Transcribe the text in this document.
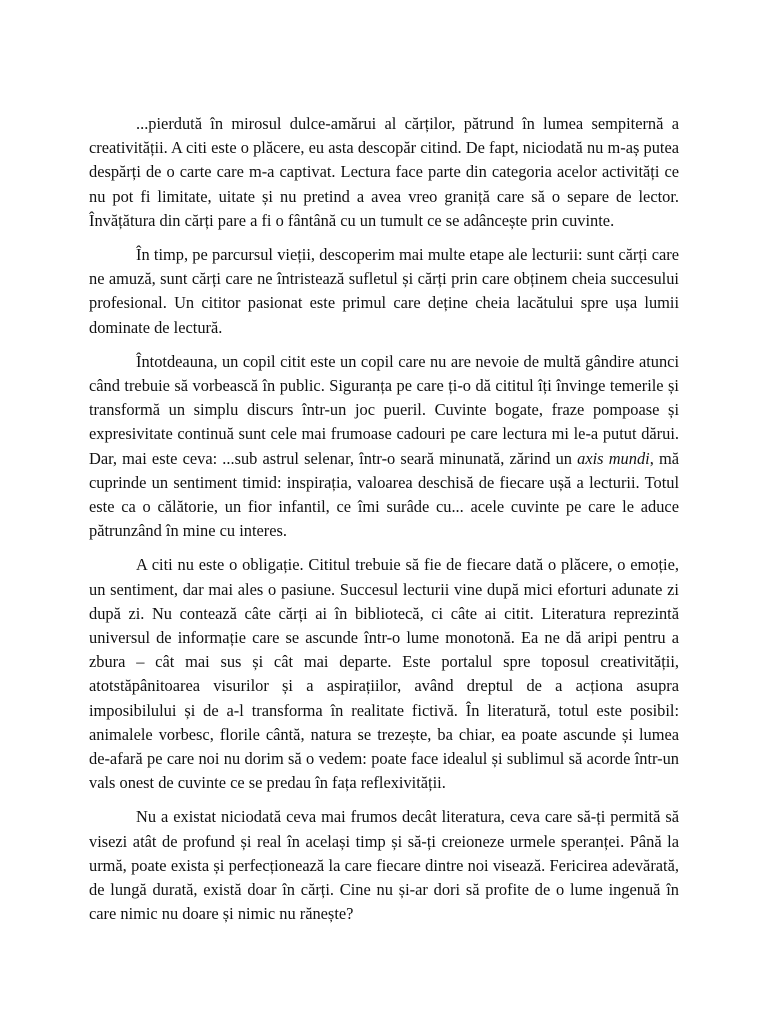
...pierdută în mirosul dulce-amărui al cărților, pătrund în lumea sempiternă a creativității. A citi este o plăcere, eu asta descopăr citind. De fapt, niciodată nu m-aș putea despărți de o carte care m-a captivat. Lectura face parte din categoria acelor activități ce nu pot fi limitate, uitate și nu pretind a avea vreo graniță care să o separe de lector. Învățătura din cărți pare a fi o fântână cu un tumult ce se adâncește prin cuvinte.

În timp, pe parcursul vieții, descoperim mai multe etape ale lecturii: sunt cărți care ne amuză, sunt cărți care ne întristează sufletul și cărți prin care obținem cheia succesului profesional. Un cititor pasionat este primul care deține cheia lacătului spre ușa lumii dominate de lectură.

Întotdeauna, un copil citit este un copil care nu are nevoie de multă gândire atunci când trebuie să vorbească în public. Siguranța pe care ți-o dă cititul îți învinge temerile și transformă un simplu discurs într-un joc pueril. Cuvinte bogate, fraze pompoase și expresivitate continuă sunt cele mai frumoase cadouri pe care lectura mi le-a putut dărui. Dar, mai este ceva: ...sub astrul selenar, într-o seară minunată, zărind un axis mundi, mă cuprinde un sentiment timid: inspirația, valoarea deschisă de fiecare ușă a lecturii. Totul este ca o călătorie, un fior infantil, ce îmi surâde cu... acele cuvinte pe care le aduce pătrunzând în mine cu interes.

A citi nu este o obligație. Cititul trebuie să fie de fiecare dată o plăcere, o emoție, un sentiment, dar mai ales o pasiune. Succesul lecturii vine după mici eforturi adunate zi după zi. Nu contează câte cărți ai în bibliotecă, ci câte ai citit. Literatura reprezintă universul de informație care se ascunde într-o lume monotonă. Ea ne dă aripi pentru a zbura – cât mai sus și cât mai departe. Este portalul spre toposul creativității, atotstăpânitoarea visurilor și a aspirațiilor, având dreptul de a acționa asupra imposibilului și de a-l transforma în realitate fictivă. În literatură, totul este posibil: animalele vorbesc, florile cântă, natura se trezește, ba chiar, ea poate ascunde și lumea de-afară pe care noi nu dorim să o vedem: poate face idealul și sublimul să acorde într-un vals onest de cuvinte ce se predau în fața reflexivității.

Nu a existat niciodată ceva mai frumos decât literatura, ceva care să-ți permită să visezi atât de profund și real în același timp și să-ți creioneze urmele speranței. Până la urmă, poate exista și perfecționează la care fiecare dintre noi visează. Fericirea adevărată, de lungă durată, există doar în cărți. Cine nu și-ar dori să profite de o lume ingenuă în care nimic nu doare și nimic nu rănește?
